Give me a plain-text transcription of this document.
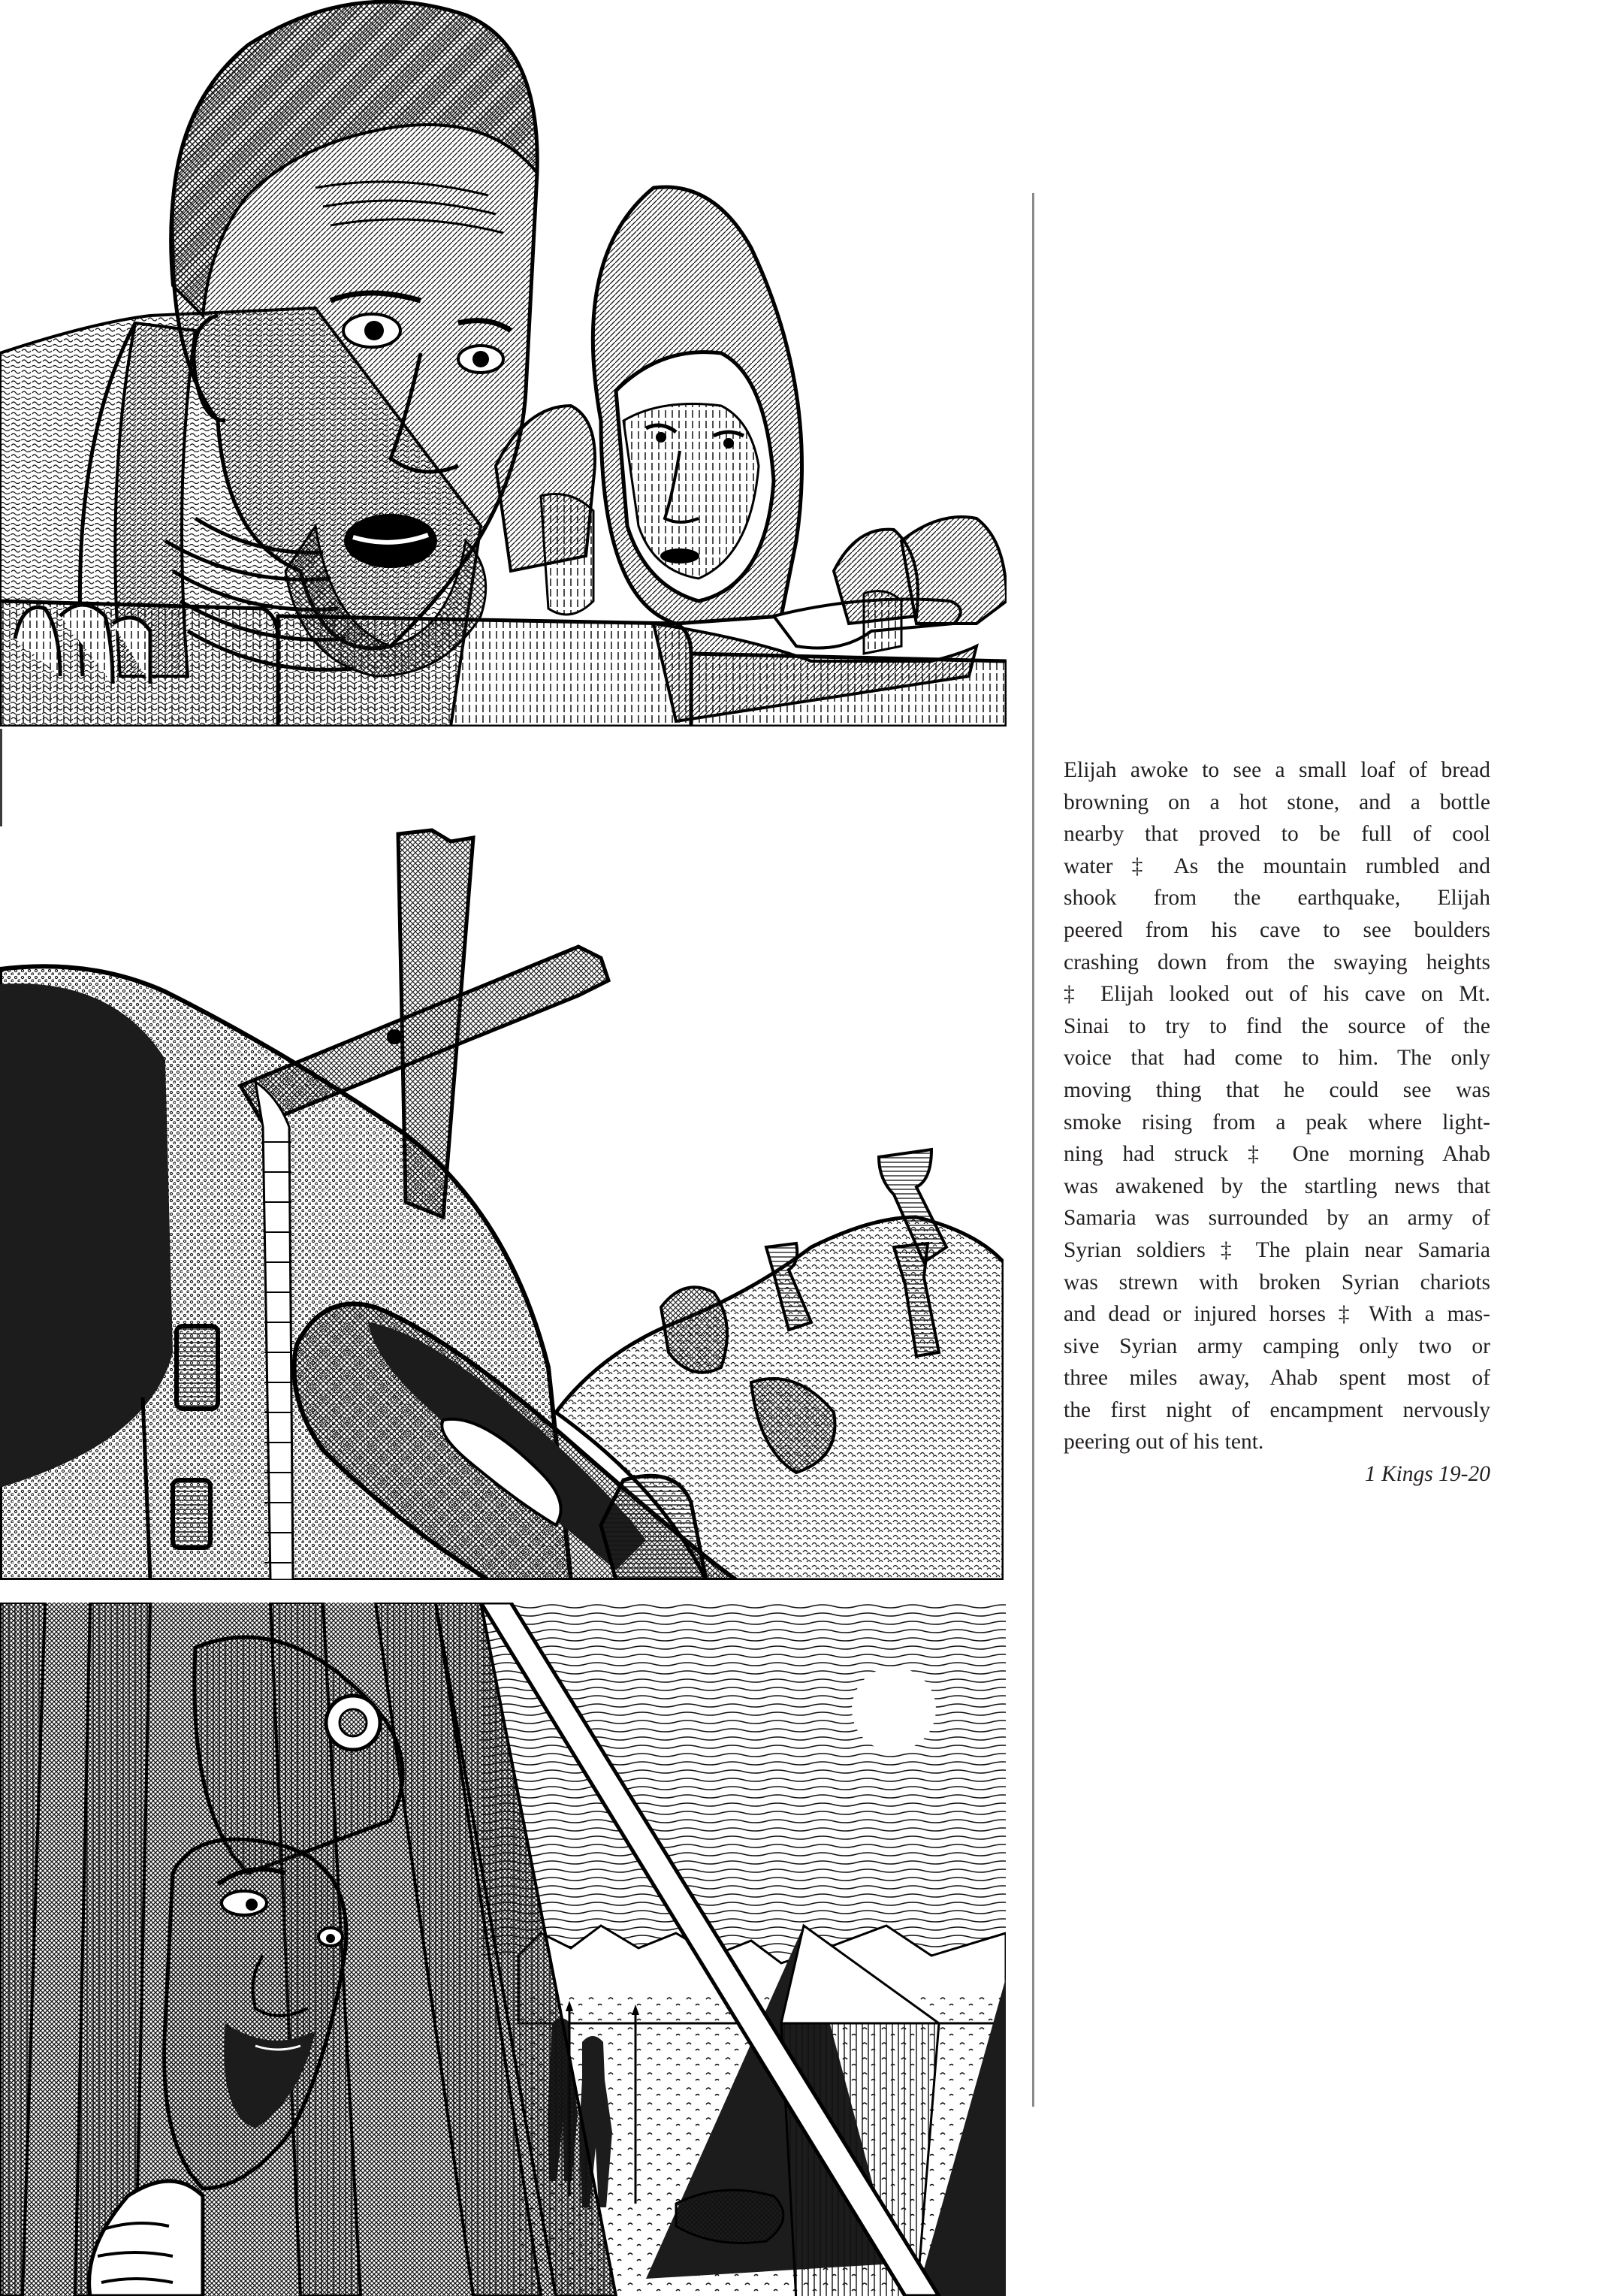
Elijah awoke to see a small loaf of bread
browning on a hot stone, and a bottle
nearby that proved to be full of cool
water ‡ As the mountain rumbled and
shook from the earthquake, Elijah
peered from his cave to see boulders
crashing down from the swaying heights
‡ Elijah looked out of his cave on Mt.
Sinai to try to find the source of the
voice that had come to him. The only
moving thing that he could see was
smoke rising from a peak where light-
ning had struck ‡ One morning Ahab
was awakened by the startling news that
Samaria was surrounded by an army of
Syrian soldiers ‡ The plain near Samaria
was strewn with broken Syrian chariots
and dead or injured horses ‡ With a mas-
sive Syrian army camping only two or
three miles away, Ahab spent most of
the first night of encampment nervously
peering out of his tent.
1 Kings 19-20
